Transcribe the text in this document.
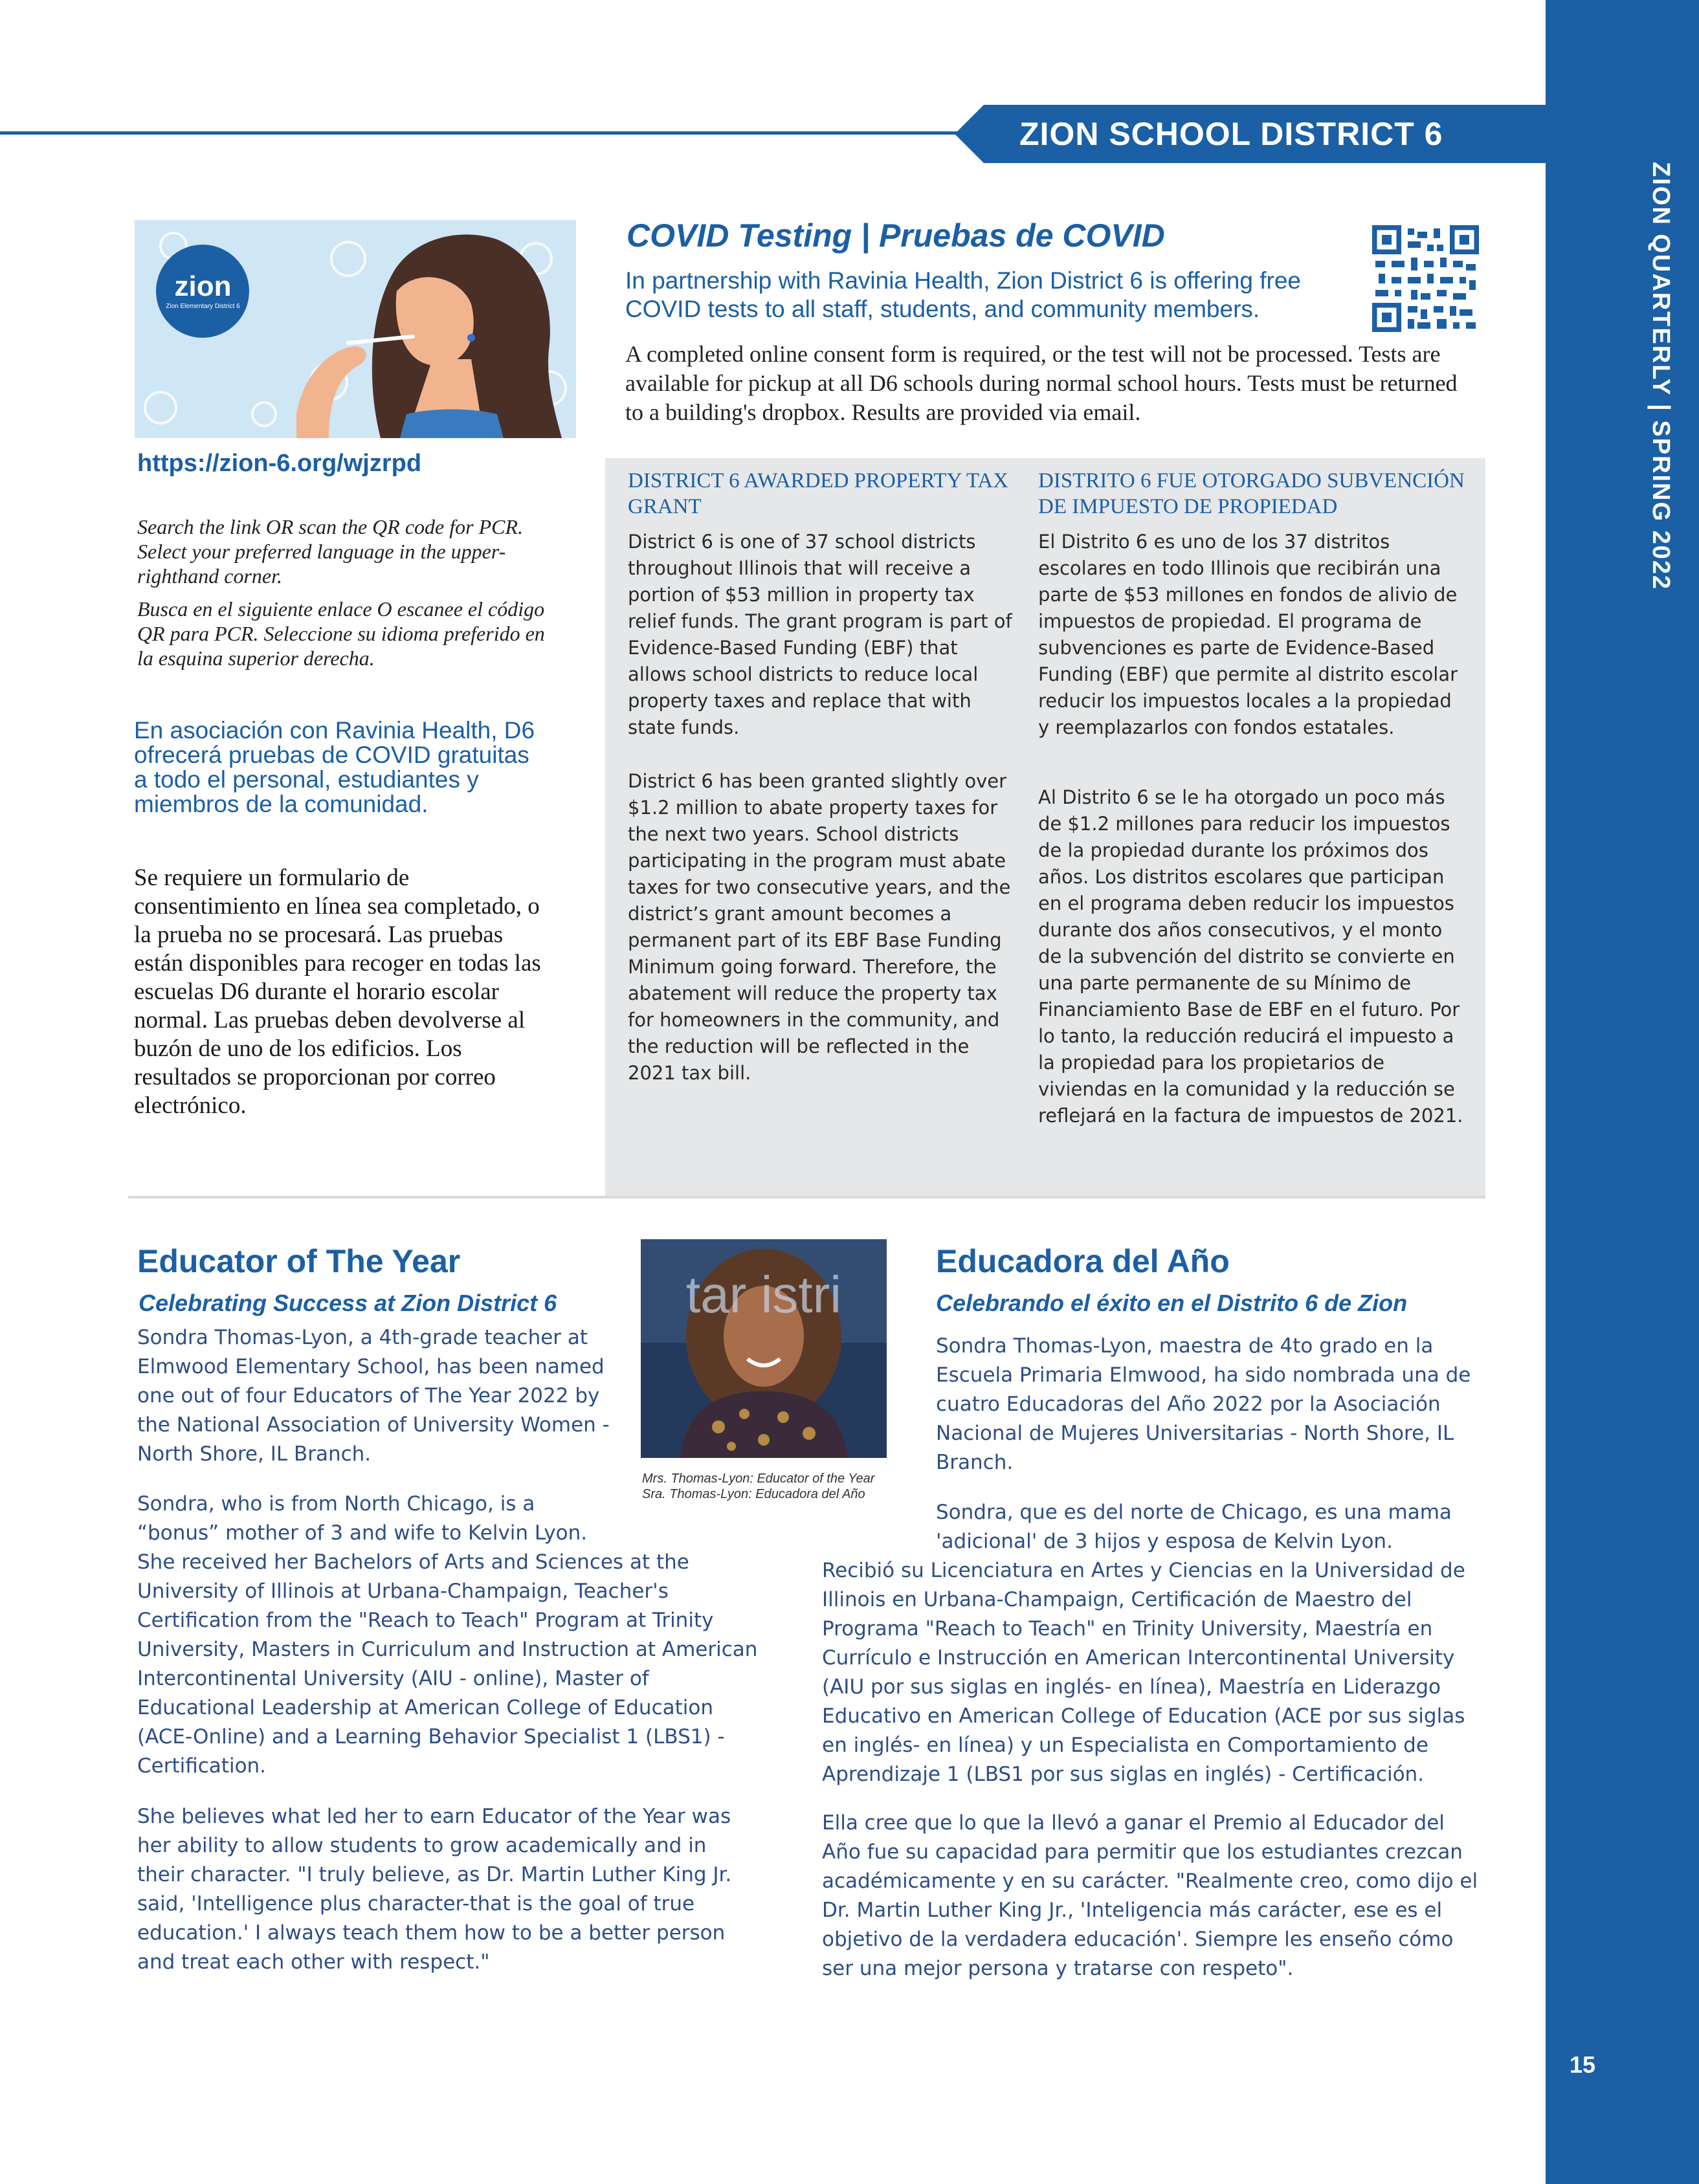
ZION QUARTERLY | SPRING 2022
15
ZION SCHOOL DISTRICT 6
zion
Zion Elementary District 6
https://zion-6.org/wjzrpd
Search the link OR scan the QR code for PCR. Select your preferred language in the upper-righthand corner.
Busca en el siguiente enlace O escanee el código QR para PCR. Seleccione su idioma preferido en la esquina superior derecha.
En asociación con Ravinia Health, D6 ofrecerá pruebas de COVID gratuitas a todo el personal, estudiantes y miembros de la comunidad.
Se requiere un formulario de consentimiento en línea sea completado, o la prueba no se procesará. Las pruebas están disponibles para recoger en todas las escuelas D6 durante el horario escolar normal. Las pruebas deben devolverse al buzón de uno de los edificios. Los resultados se proporcionan por correo electrónico.
COVID Testing | Pruebas de COVID
In partnership with Ravinia Health, Zion District 6 is offering free COVID tests to all staff, students, and community members.
A completed online consent form is required, or the test will not be processed. Tests are available for pickup at all D6 schools during normal school hours. Tests must be returned to a building's dropbox. Results are provided via email.
DISTRICT 6 AWARDED PROPERTY TAX GRANT
District 6 is one of 37 school districts throughout Illinois that will receive a portion of $53 million in property tax relief funds. The grant program is part of Evidence-Based Funding (EBF) that allows school districts to reduce local property taxes and replace that with state funds.
District 6 has been granted slightly over $1.2 million to abate property taxes for the next two years. School districts participating in the program must abate taxes for two consecutive years, and the district’s grant amount becomes a permanent part of its EBF Base Funding Minimum going forward. Therefore, the abatement will reduce the property tax for homeowners in the community, and the reduction will be reflected in the 2021 tax bill.
DISTRITO 6 FUE OTORGADO SUBVENCIÓN DE IMPUESTO DE PROPIEDAD
El Distrito 6 es uno de los 37 distritos escolares en todo Illinois que recibirán una parte de $53 millones en fondos de alivio de impuestos de propiedad. El programa de subvenciones es parte de Evidence-Based Funding (EBF) que permite al distrito escolar reducir los impuestos locales a la propiedad y reemplazarlos con fondos estatales.
Al Distrito 6 se le ha otorgado un poco más de $1.2 millones para reducir los impuestos de la propiedad durante los próximos dos años. Los distritos escolares que participan en el programa deben reducir los impuestos durante dos años consecutivos, y el monto de la subvención del distrito se convierte en una parte permanente de su Mínimo de Financiamiento Base de EBF en el futuro. Por lo tanto, la reducción reducirá el impuesto a la propiedad para los propietarios de viviendas en la comunidad y la reducción se reflejará en la factura de impuestos de 2021.
Educator of The Year
Celebrating Success at Zion District 6
Sondra Thomas-Lyon, a 4th-grade teacher at Elmwood Elementary School, has been named one out of four Educators of The Year 2022 by the National Association of University Women - North Shore, IL Branch.
Sondra, who is from North Chicago, is a “bonus” mother of 3 and wife to Kelvin Lyon.
She received her Bachelors of Arts and Sciences at the University of Illinois at Urbana-Champaign, Teacher's Certification from the "Reach to Teach" Program at Trinity University, Masters in Curriculum and Instruction at American Intercontinental University (AIU - online), Master of Educational Leadership at American College of Education (ACE-Online) and a Learning Behavior Specialist 1 (LBS1) - Certification.
She believes what led her to earn Educator of the Year was her ability to allow students to grow academically and in their character. "I truly believe, as Dr. Martin Luther King Jr. said, 'Intelligence plus character-that is the goal of true education.' I always teach them how to be a better person and treat each other with respect."
tar istri
Mrs. Thomas-Lyon: Educator of the Year
Sra. Thomas-Lyon: Educadora del Año
Educadora del Año
Celebrando el éxito en el Distrito 6 de Zion
Sondra Thomas-Lyon, maestra de 4to grado en la Escuela Primaria Elmwood, ha sido nombrada una de cuatro Educadoras del Año 2022 por la Asociación Nacional de Mujeres Universitarias - North Shore, IL Branch.
Sondra, que es del norte de Chicago, es una mama 'adicional' de 3 hijos y esposa de Kelvin Lyon.
Recibió su Licenciatura en Artes y Ciencias en la Universidad de Illinois en Urbana-Champaign, Certificación de Maestro del Programa "Reach to Teach" en Trinity University, Maestría en Currículo e Instrucción en American Intercontinental University (AIU por sus siglas en inglés- en línea), Maestría en Liderazgo Educativo en American College of Education (ACE por sus siglas en inglés- en línea) y un Especialista en Comportamiento de Aprendizaje 1 (LBS1 por sus siglas en inglés) - Certificación.
Ella cree que lo que la llevó a ganar el Premio al Educador del Año fue su capacidad para permitir que los estudiantes crezcan académicamente y en su carácter. "Realmente creo, como dijo el Dr. Martin Luther King Jr., 'Inteligencia más carácter, ese es el objetivo de la verdadera educación'. Siempre les enseño cómo ser una mejor persona y tratarse con respeto".
